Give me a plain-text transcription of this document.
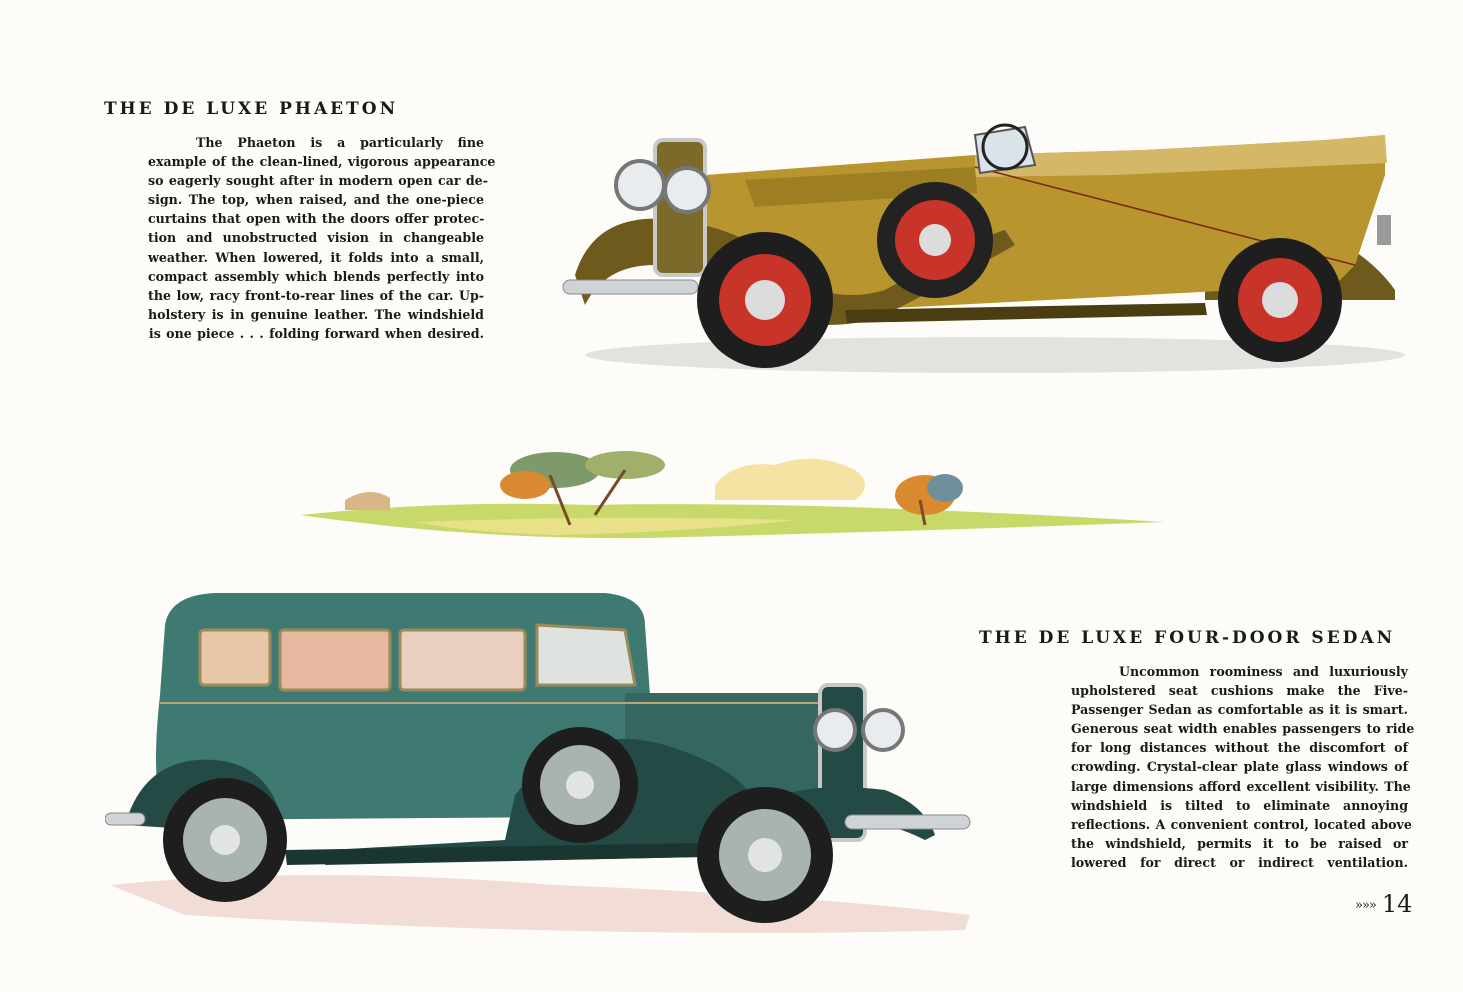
THE DE LUXE PHAETON
The Phaeton is a particularly fine
example of the clean-lined, vigorous appearance
so eagerly sought after in modern open car de-
sign. The top, when raised, and the one-piece
curtains that open with the doors offer protec-
tion and unobstructed vision in changeable
weather. When lowered, it folds into a small,
compact assembly which blends perfectly into
the low, racy front-to-rear lines of the car. Up-
holstery is in genuine leather. The windshield
is one piece . . . folding forward when desired.
THE DE LUXE FOUR-DOOR SEDAN
Uncommon roominess and luxuriously
upholstered seat cushions make the Five-
Passenger Sedan as comfortable as it is smart.
Generous seat width enables passengers to ride
for long distances without the discomfort of
crowding. Crystal-clear plate glass windows of
large dimensions afford excellent visibility. The
windshield is tilted to eliminate annoying
reflections. A convenient control, located above
the windshield, permits it to be raised or
lowered for direct or indirect ventilation.
»»» 14
